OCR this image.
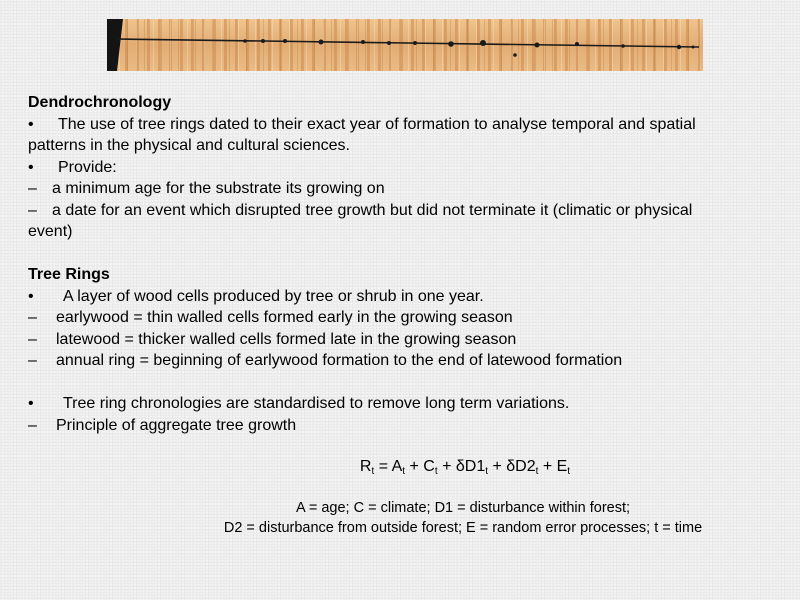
Dendrochronology

• The use of tree rings dated to their exact year of formation to analyse temporal and spatial

patterns in the physical and cultural sciences.

• Provide:

– a minimum age for the substrate its growing on

– a date for an event which disrupted tree growth but did not terminate it (climatic or physical

event)

Tree Rings

• A layer of wood cells produced by tree or shrub in one year.

– earlywood = thin walled cells formed early in the growing season

– latewood = thicker walled cells formed late in the growing season

– annual ring = beginning of earlywood formation to the end of latewood formation

• Tree ring chronologies are standardised to remove long term variations.

– Principle of aggregate tree growth

$R_t = A_t + C_t + \delta D1_t + \delta D2_t + E_t$
A = age; C = climate; D1 = disturbance within forest;
D2 = disturbance from outside forest; E = random error processes; t = time
